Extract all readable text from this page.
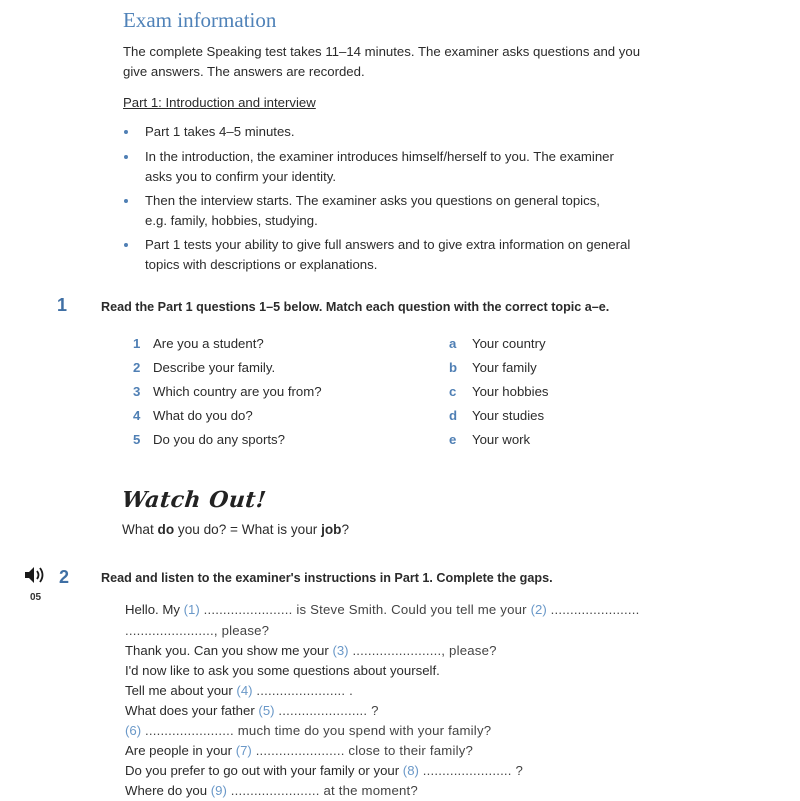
Exam information
The complete Speaking test takes 11–14 minutes. The examiner asks questions and you
give answers. The answers are recorded.
Part 1: Introduction and interview
Part 1 takes 4–5 minutes.
In the introduction, the examiner introduces himself/herself to you. The examiner
asks you to confirm your identity.
Then the interview starts. The examiner asks you questions on general topics,
e.g. family, hobbies, studying.
Part 1 tests your ability to give full answers and to give extra information on general
topics with descriptions or explanations.
1	Read the Part 1 questions 1–5 below. Match each question with the correct topic a–e.
1 Are you a student?
2 Describe your family.
3 Which country are you from?
4 What do you do?
5 Do you do any sports?
a Your country
b Your family
c Your hobbies
d Your studies
e Your work
Watch Out!
What do you do? = What is your job?
05
2	Read and listen to the examiner's instructions in Part 1. Complete the gaps.
Hello. My (1) ....................... is Steve Smith. Could you tell me your (2) .......................
......................., please?
Thank you. Can you show me your (3) ......................., please?
I'd now like to ask you some questions about yourself.
Tell me about your (4) ....................... .
What does your father (5) ....................... ?
(6) ....................... much time do you spend with your family?
Are people in your (7) ....................... close to their family?
Do you prefer to go out with your family or your (8) ....................... ?
Where do you (9) ....................... at the moment?
